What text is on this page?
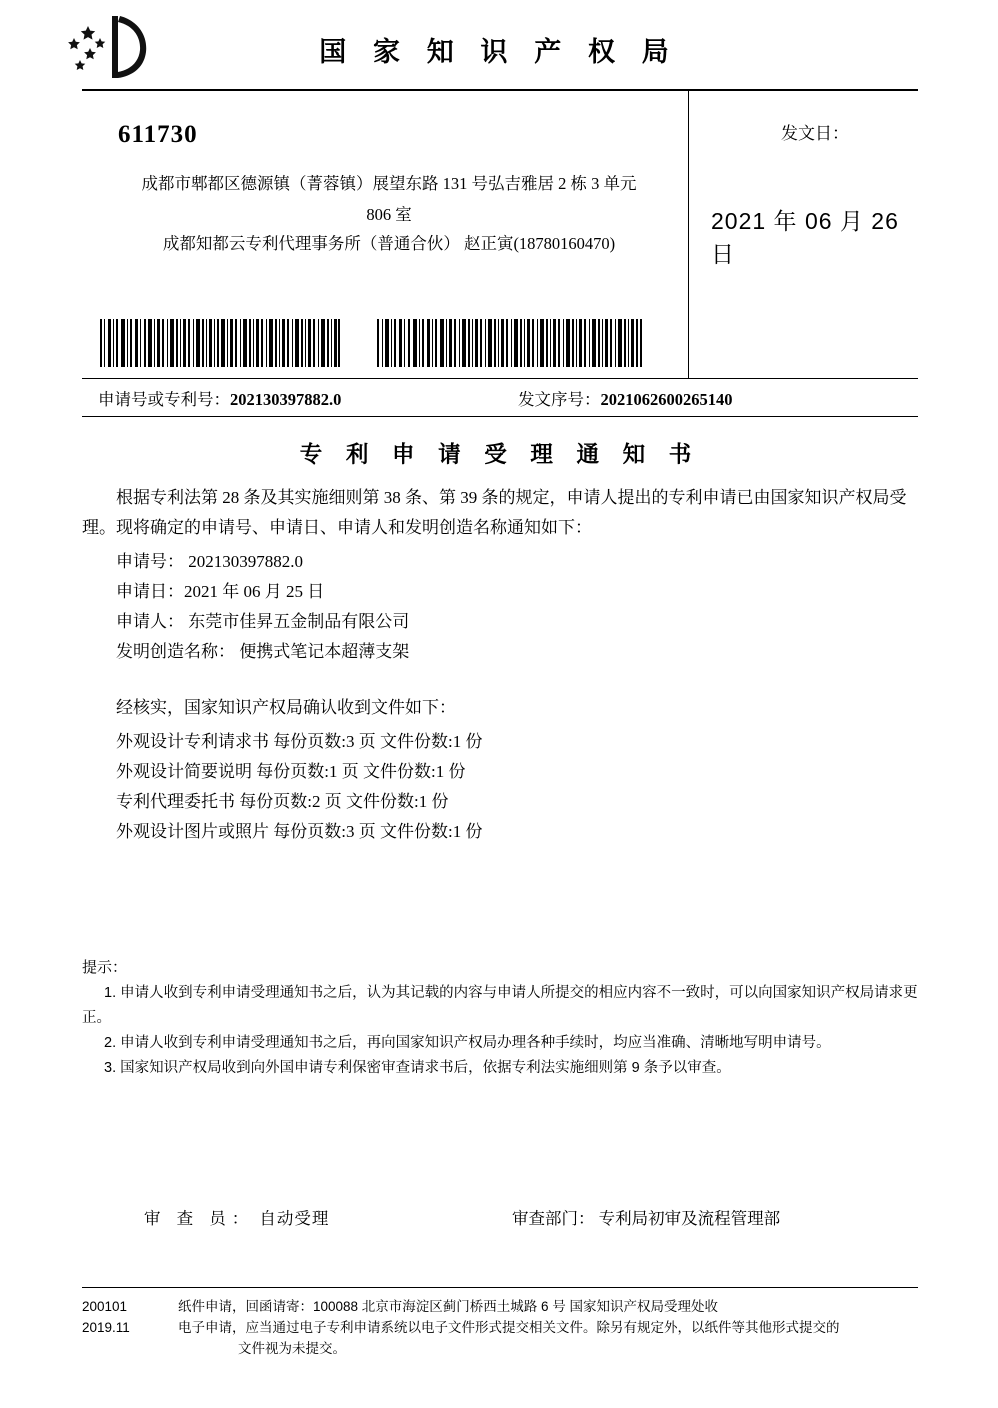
国 家 知 识 产 权 局
611730
成都市郫都区德源镇（菁蓉镇）展望东路 131 号弘吉雅居 2 栋 3 单元
806 室
成都知都云专利代理事务所（普通合伙） 赵正寅(18780160470)
发文日：
2021 年 06 月 26 日
申请号或专利号：202130397882.0	发文序号：2021062600265140
专 利 申 请 受 理 通 知 书

根据专利法第 28 条及其实施细则第 38 条、第 39 条的规定，申请人提出的专利申请已由国家知识产权局受理。现将确定的申请号、申请日、申请人和发明创造名称通知如下：

申请号： 202130397882.0
申请日：2021 年 06 月 25 日
申请人： 东莞市佳昇五金制品有限公司
发明创造名称： 便携式笔记本超薄支架
经核实，国家知识产权局确认收到文件如下：
外观设计专利请求书 每份页数:3 页 文件份数:1 份
外观设计简要说明 每份页数:1 页 文件份数:1 份
专利代理委托书 每份页数:2 页 文件份数:1 份
外观设计图片或照片 每份页数:3 页 文件份数:1 份
提示：
1. 申请人收到专利申请受理通知书之后，认为其记载的内容与申请人所提交的相应内容不一致时，可以向国家知识产权局请求更正。
2. 申请人收到专利申请受理通知书之后，再向国家知识产权局办理各种手续时，均应当准确、清晰地写明申请号。
3. 国家知识产权局收到向外国申请专利保密审查请求书后，依据专利法实施细则第 9 条予以审查。
审 查 员： 自动受理	审查部门： 专利局初审及流程管理部
200101
2019.11
纸件申请，回函请寄：100088 北京市海淀区蓟门桥西土城路 6 号 国家知识产权局受理处收
电子申请，应当通过电子专利申请系统以电子文件形式提交相关文件。除另有规定外，以纸件等其他形式提交的
文件视为未提交。
